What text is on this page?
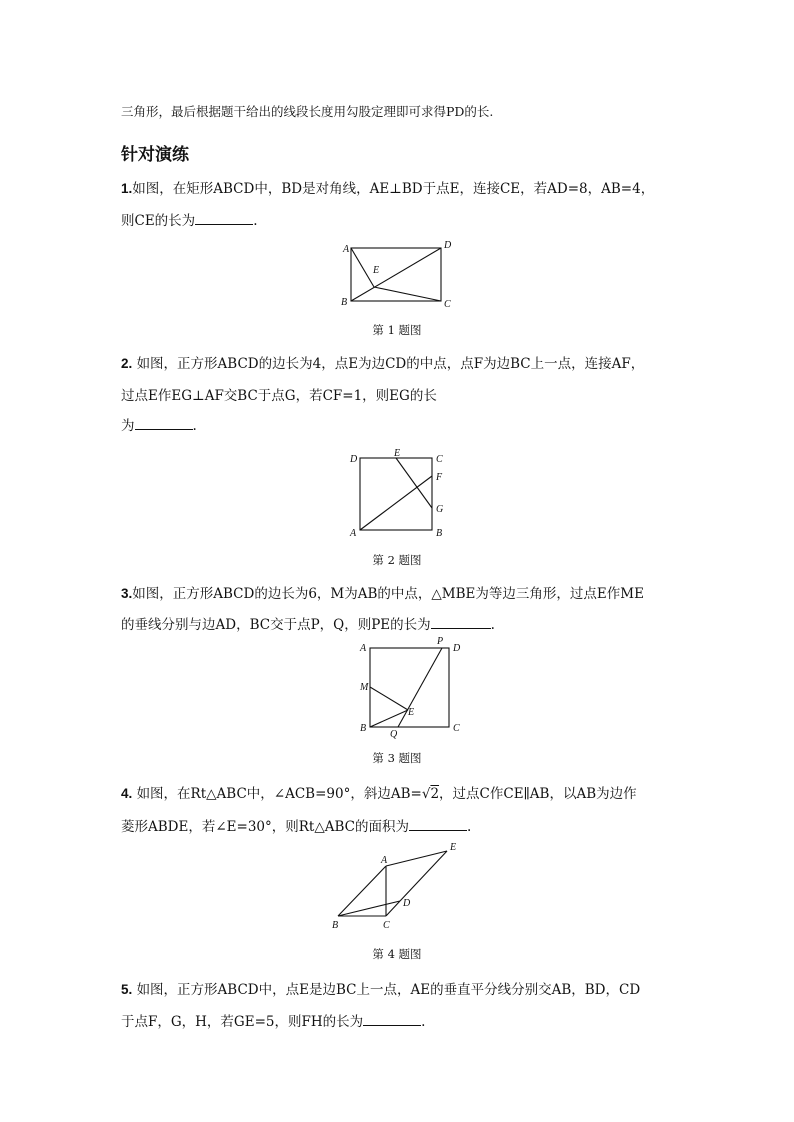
三角形，最后根据题干给出的线段长度用勾股定理即可求得PD的长.
针对演练
1.如图，在矩形ABCD中，BD是对角线，AE⊥BD于点E，连接CE，若AD=8，AB=4，
则CE的长为	.
A
B	C
D
E
第 1 题图
2. 如图，正方形ABCD的边长为4，点E为边CD的中点，点F为边BC上一点，连接AF，
过点E作EG⊥AF交BC于点G，若CF=1，则EG的长
为	.
D
E
C
F
G
A	B
第 2 题图
3.如图，正方形ABCD的边长为6，M为AB的中点，△MBE为等边三角形，过点E作ME
的垂线分别与边AD，BC交于点P，Q，则PE的长为	.
A
P
D
M
E
B
Q
C
第 3 题图
4. 如图，在Rt△ABC中，∠ACB=90°，斜边AB=√2，过点C作CE∥AB，以AB为边作
菱形ABDE，若∠E=30°，则Rt△ABC的面积为	.
A
E
D
B	C
第 4 题图
5. 如图，正方形ABCD中，点E是边BC上一点，AE的垂直平分线分别交AB，BD，CD
于点F，G，H，若GE=5，则FH的长为	.
